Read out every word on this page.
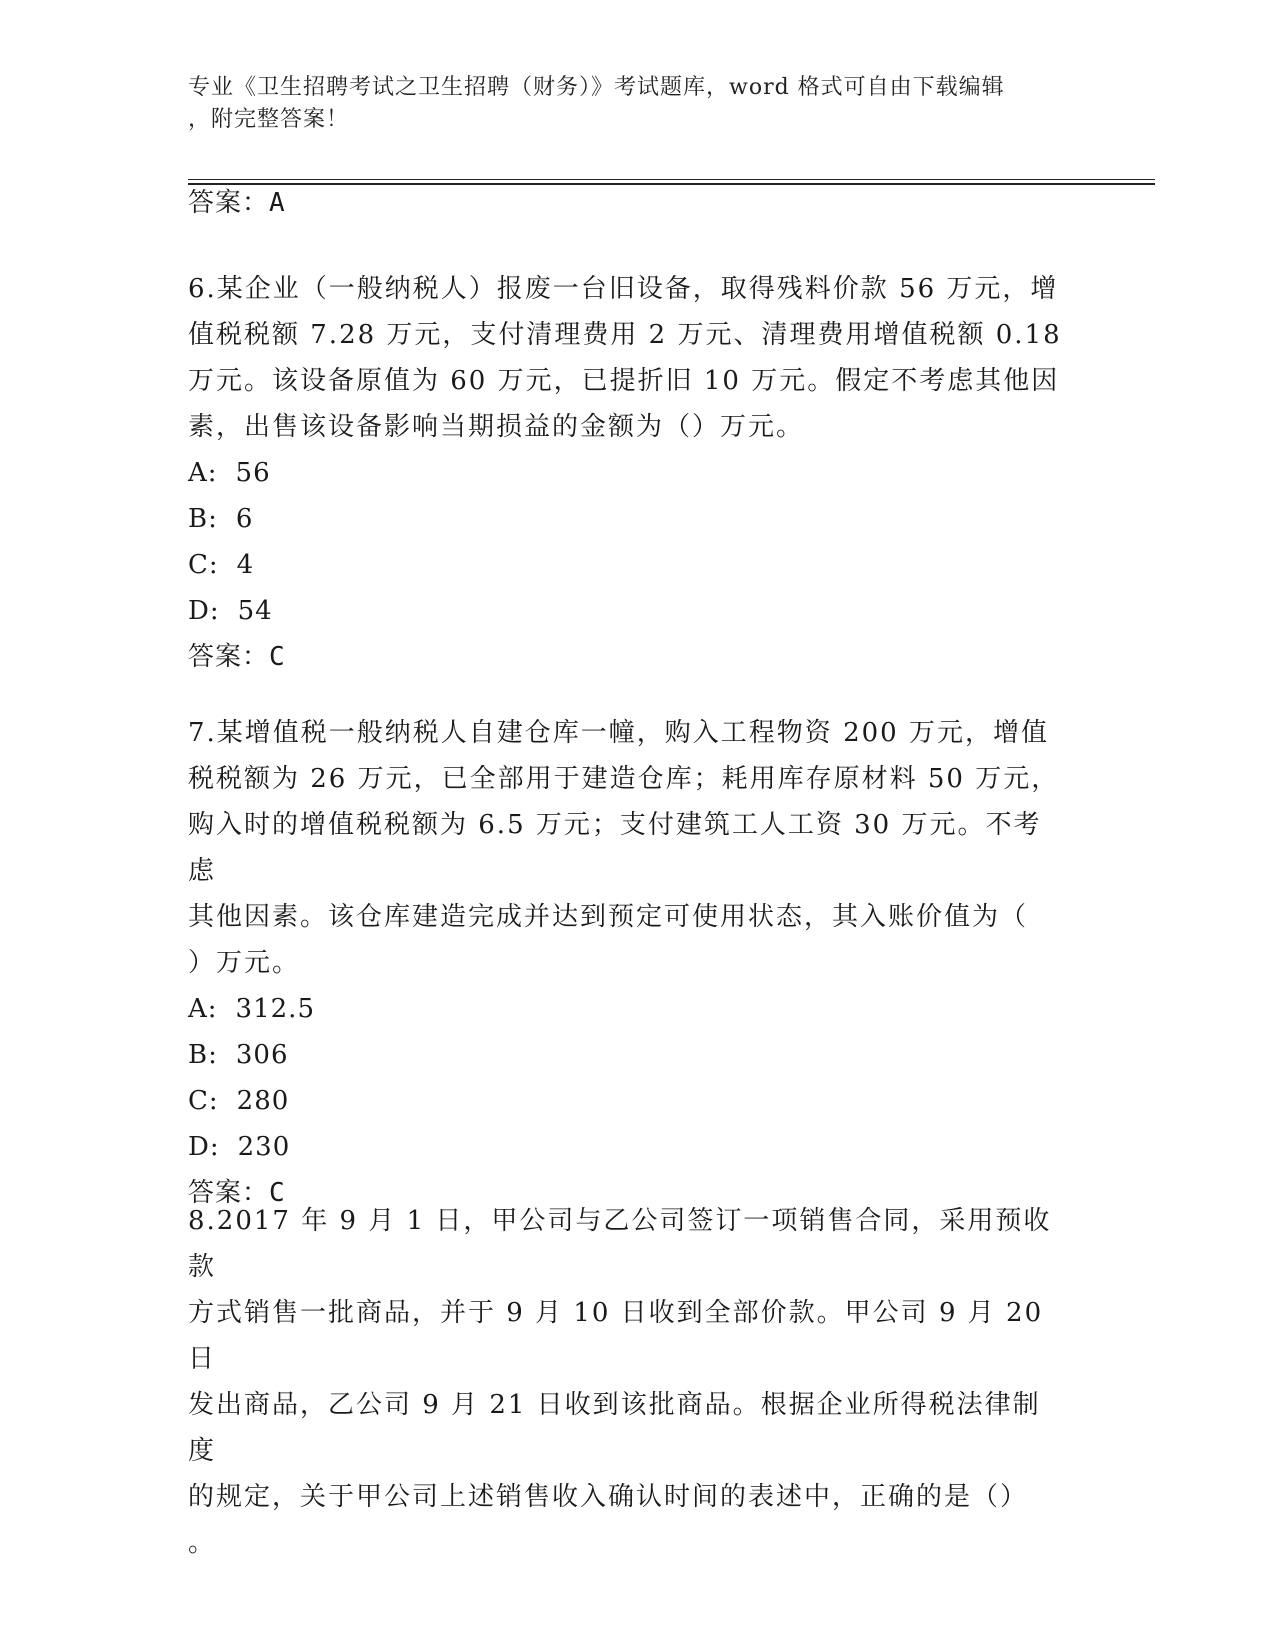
专业《卫生招聘考试之卫生招聘（财务）》考试题库，word 格式可自由下载编辑
，附完整答案！
答案：A

6.某企业（一般纳税人）报废一台旧设备，取得残料价款 56 万元，增
值税税额 7.28 万元，支付清理费用 2 万元、清理费用增值税额 0.18
万元。该设备原值为 60 万元，已提折旧 10 万元。假定不考虑其他因
素，出售该设备影响当期损益的金额为（）万元。

A: 56
B: 6
C: 4
D: 54
答案：C

7.某增值税一般纳税人自建仓库一幢，购入工程物资 200 万元，增值
税税额为 26 万元，已全部用于建造仓库；耗用库存原材料 50 万元，
购入时的增值税税额为 6.5 万元；支付建筑工人工资 30 万元。不考虑
其他因素。该仓库建造完成并达到预定可使用状态，其入账价值为（
）万元。

A: 312.5
B: 306
C: 280
D: 230
答案：C

8.2017 年 9 月 1 日，甲公司与乙公司签订一项销售合同，采用预收款
方式销售一批商品，并于 9 月 10 日收到全部价款。甲公司 9 月 20 日
发出商品，乙公司 9 月 21 日收到该批商品。根据企业所得税法律制度
的规定，关于甲公司上述销售收入确认时间的表述中，正确的是（）
。
